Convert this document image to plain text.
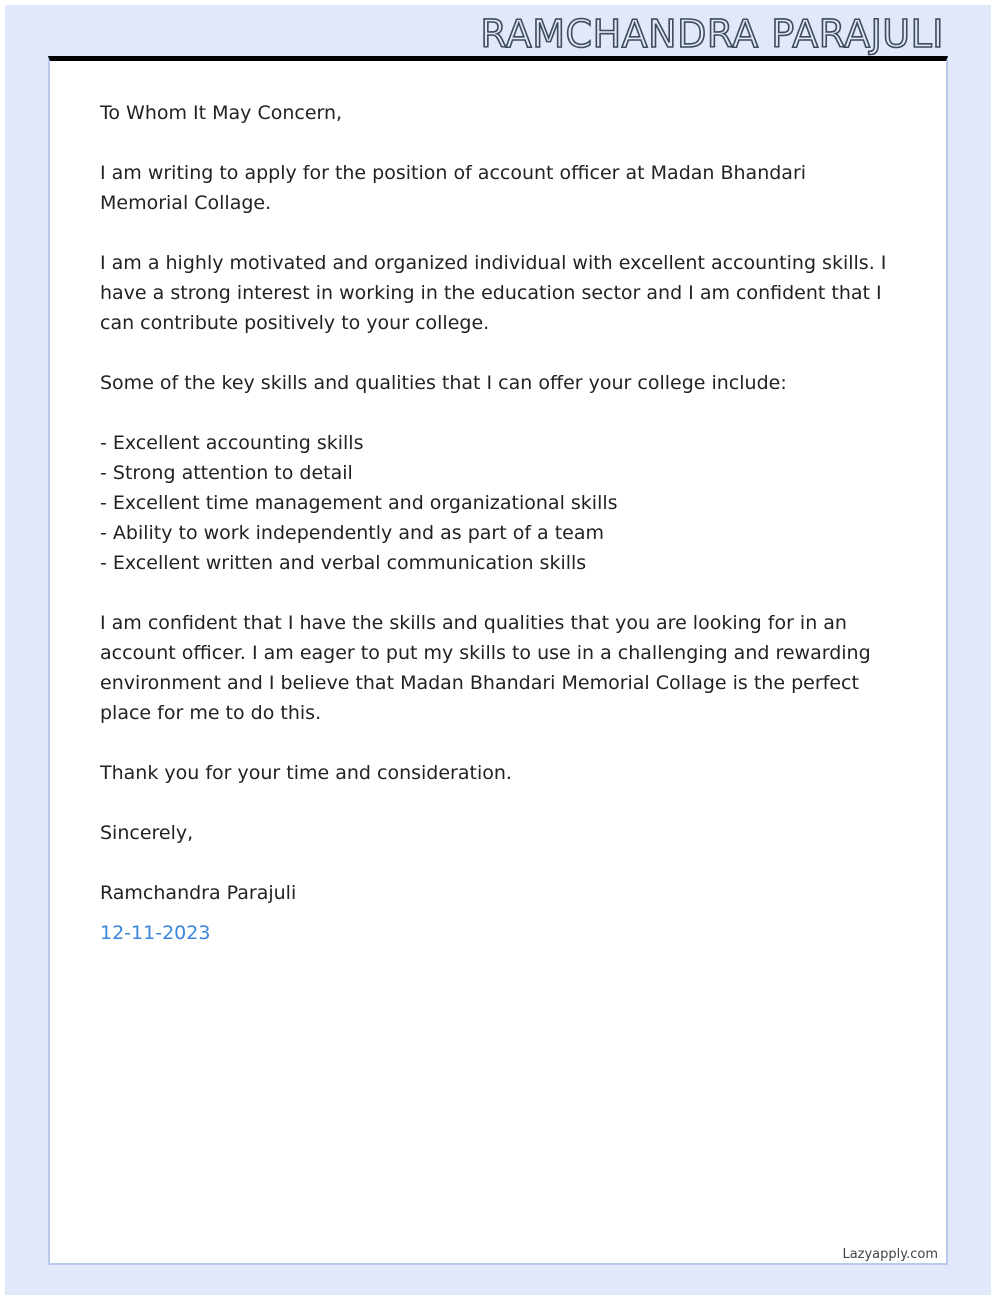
RAMCHANDRA PARAJULI

To Whom It May Concern,

I am writing to apply for the position of account officer at Madan Bhandari Memorial Collage.

I am a highly motivated and organized individual with excellent accounting skills. I have a strong interest in working in the education sector and I am confident that I can contribute positively to your college.

Some of the key skills and qualities that I can offer your college include:

- Excellent accounting skills
- Strong attention to detail
- Excellent time management and organizational skills
- Ability to work independently and as part of a team
- Excellent written and verbal communication skills

I am confident that I have the skills and qualities that you are looking for in an account officer. I am eager to put my skills to use in a challenging and rewarding environment and I believe that Madan Bhandari Memorial Collage is the perfect place for me to do this.

Thank you for your time and consideration.

Sincerely,

Ramchandra Parajuli

12-11-2023

Lazyapply.com
